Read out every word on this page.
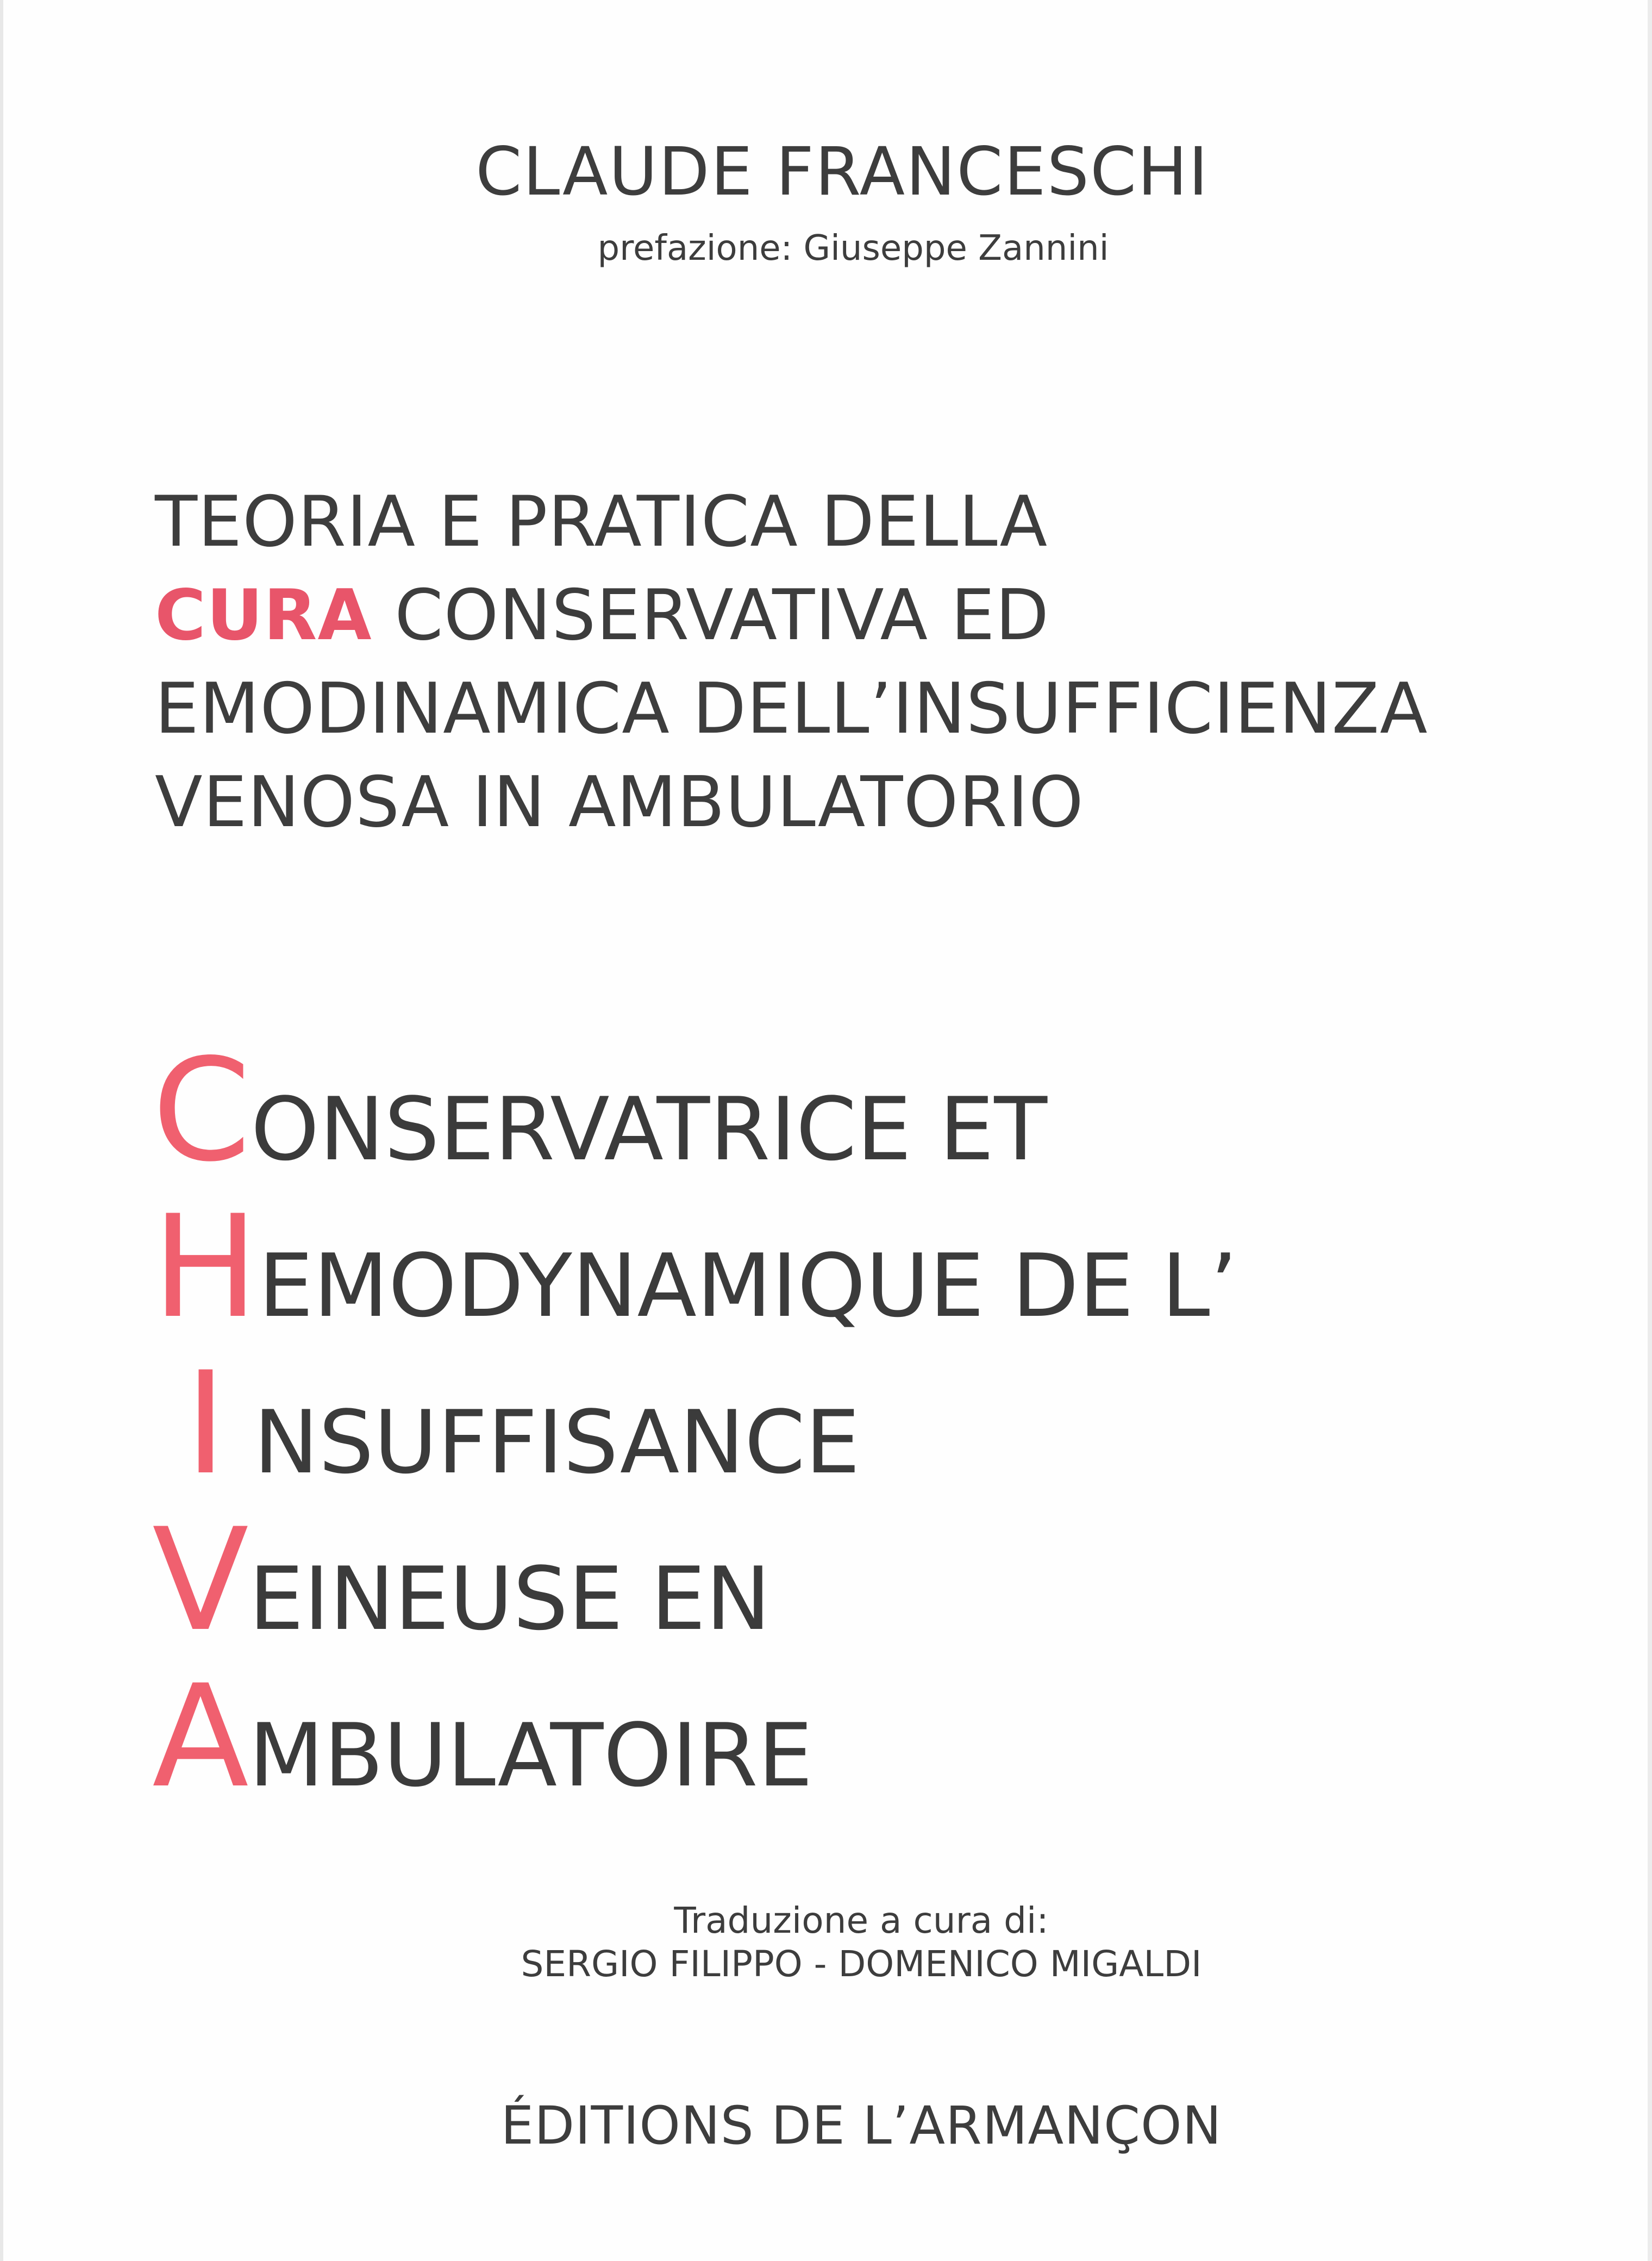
CLAUDE FRANCESCHI
prefazione: Giuseppe Zannini
TEORIA E PRATICA DELLA
CURA CONSERVATIVA ED
EMODINAMICA DELL’INSUFFICIENZA
VENOSA IN AMBULATORIO
CONSERVATRICE ET
HEMODYNAMIQUE DE L’
I NSUFFISANCE
VEINEUSE EN
AMBULATOIRE
Traduzione a cura di:
SERGIO FILIPPO - DOMENICO MIGALDI
ÉDITIONS DE L’ARMANÇON
